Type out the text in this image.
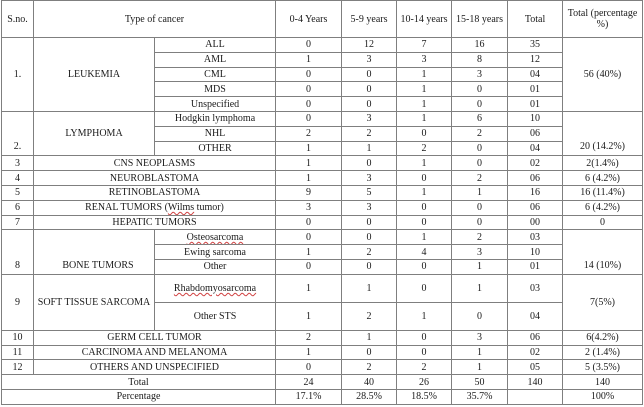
S.no.	Type of cancer		0-4 Years	5-9 years	10-14 years	15-18 years	Total	Total (percentage %)
1.	LEUKEMIA	ALL	0	12	7	16	35	56 (40%)
		AML	1	3	3	8	12	
		CML	0	0	1	3	04	
		MDS	0	0	1	0	01	
		Unspecified	0	0	1	0	01	
2.	LYMPHOMA	Hodgkin lymphoma	0	3	1	6	10	20 (14.2%)
		NHL	2	2	0	2	06	
		OTHER	1	1	2	0	04	
3	CNS NEOPLASMS		1	0	1	0	02	2(1.4%)
4	NEUROBLASTOMA		1	3	0	2	06	6 (4.2%)
5	RETINOBLASTOMA		9	5	1	1	16	16 (11.4%)
6	RENAL TUMORS (Wilms tumor)		3	3	0	0	06	6 (4.2%)
7	HEPATIC TUMORS		0	0	0	0	00	0
8	BONE TUMORS	Osteosarcoma	0	0	1	2	03	14 (10%)
		Ewing sarcoma	1	2	4	3	10	
		Other	0	0	0	1	01	
9	SOFT TISSUE SARCOMA	Rhabdomyosarcoma	1	1	0	1	03	7(5%)
		Other STS	1	2	1	0	04	
10	GERM CELL TUMOR		2	1	0	3	06	6(4.2%)
11	CARCINOMA AND MELANOMA		1	0	0	1	02	2 (1.4%)
12	OTHERS AND UNSPECIFIED		0	2	2	1	05	5 (3.5%)
Total			24	40	26	50	140	140
Percentage			17.1%	28.5%	18.5%	35.7%		100%
